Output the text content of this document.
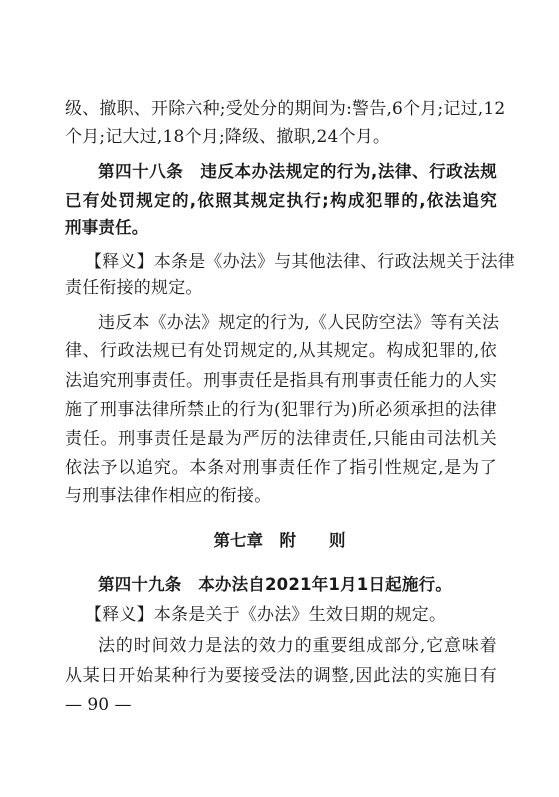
级、撤职、开除六种;受处分的期间为:警告,6个月;记过,12
个月;记大过,18个月;降级、撤职,24个月。
第四十八条　违反本办法规定的行为,法律、行政法规
已有处罚规定的,依照其规定执行;构成犯罪的,依法追究
刑事责任。
【释义】本条是《办法》与其他法律、行政法规关于法律
责任衔接的规定。
违反本《办法》规定的行为,《人民防空法》等有关法
律、行政法规已有处罚规定的,从其规定。构成犯罪的,依
法追究刑事责任。刑事责任是指具有刑事责任能力的人实
施了刑事法律所禁止的行为(犯罪行为)所必须承担的法律
责任。刑事责任是最为严厉的法律责任,只能由司法机关
依法予以追究。本条对刑事责任作了指引性规定,是为了
与刑事法律作相应的衔接。
第七章　附　　则
第四十九条　本办法自2021年1月1日起施行。
【释义】本条是关于《办法》生效日期的规定。
法的时间效力是法的效力的重要组成部分,它意味着
从某日开始某种行为要接受法的调整,因此法的实施日有
— 90 —
